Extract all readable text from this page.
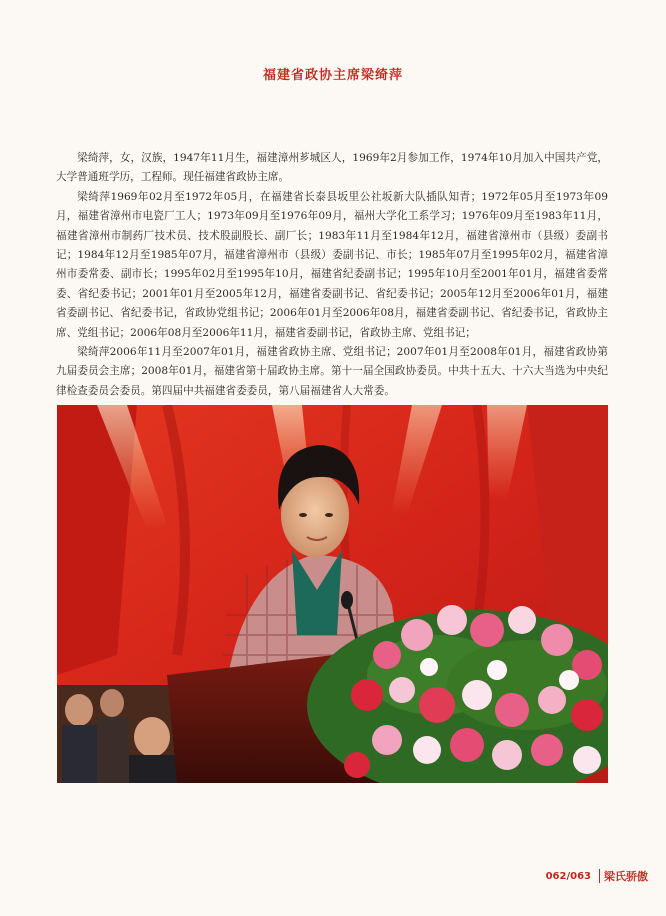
福建省政协主席梁绮萍

梁绮萍，女，汉族，1947年11月生，福建漳州芗城区人，1969年2月参加工作，1974年10月加入中国共产党，大学普通班学历，工程师。现任福建省政协主席。

梁绮萍1969年02月至1972年05月，在福建省长泰县坂里公社坂新大队插队知青；1972年05月至1973年09月，福建省漳州市电瓷厂工人；1973年09月至1976年09月，福州大学化工系学习；1976年09月至1983年11月，福建省漳州市制药厂技术员、技术股副股长、副厂长；1983年11月至1984年12月，福建省漳州市（县级）委副书记；1984年12月至1985年07月，福建省漳州市（县级）委副书记、市长；1985年07月至1995年02月，福建省漳州市委常委、副市长；1995年02月至1995年10月，福建省纪委副书记；1995年10月至2001年01月，福建省委常委、省纪委书记；2001年01月至2005年12月，福建省委副书记、省纪委书记；2005年12月至2006年01月，福建省委副书记、省纪委书记，省政协党组书记；2006年01月至2006年08月，福建省委副书记、省纪委书记，省政协主席、党组书记；2006年08月至2006年11月，福建省委副书记，省政协主席、党组书记；

梁绮萍2006年11月至2007年01月，福建省政协主席、党组书记；2007年01月至2008年01月，福建省政协第九届委员会主席；2008年01月，福建省第十届政协主席。第十一届全国政协委员。中共十五大、十六大当选为中央纪律检查委员会委员。第四届中共福建省委委员，第八届福建省人大常委。

062/063 梁氏骄傲
